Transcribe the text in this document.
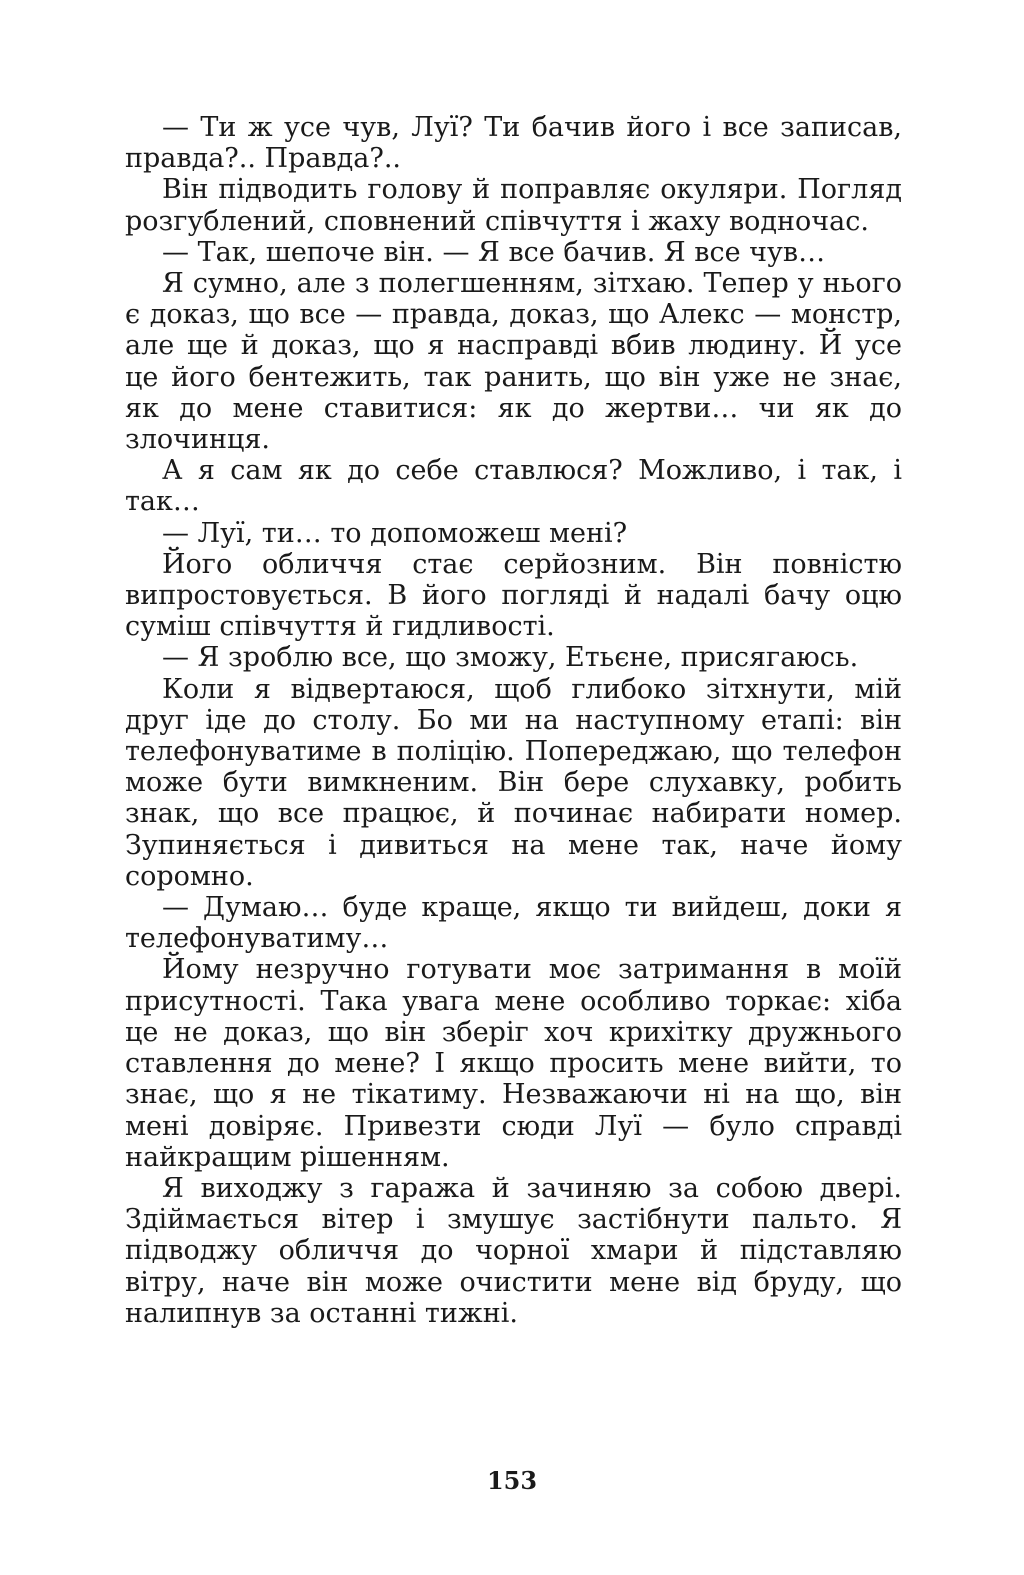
— Ти ж усе чув, Луї? Ти бачив його і все записав, правда?.. Правда?..

Він підводить голову й поправляє окуляри. Погляд розгублений, сповнений співчуття і жаху водночас.

— Так, шепоче він. — Я все бачив. Я все чув…

Я сумно, але з полегшенням, зітхаю. Тепер у нього є доказ, що все — правда, доказ, що Алекс — монстр, але ще й доказ, що я насправді вбив людину. Й усе це його бентежить, так ранить, що він уже не знає, як до мене ставитися: як до жертви… чи як до злочинця.

А я сам як до себе ставлюся? Можливо, і так, і так…

— Луї, ти… то допоможеш мені?

Його обличчя стає серйозним. Він повністю випростовується. В його погляді й надалі бачу оцю суміш співчуття й гидливості.

— Я зроблю все, що зможу, Етьєне, присягаюсь.

Коли я відвертаюся, щоб глибоко зітхнути, мій друг іде до столу. Бо ми на наступному етапі: він телефонуватиме в поліцію. Попереджаю, що телефон може бути вимкненим. Він бере слухавку, робить знак, що все працює, й починає набирати номер. Зупиняється і дивиться на мене так, наче йому соромно.

— Думаю… буде краще, якщо ти вийдеш, доки я телефонуватиму…

Йому незручно готувати моє затримання в моїй присутності. Така увага мене особливо торкає: хіба це не доказ, що він зберіг хоч крихітку дружнього ставлення до мене? І якщо просить мене вийти, то знає, що я не тікатиму. Незважаючи ні на що, він мені довіряє. Привезти сюди Луї — було справді найкращим рішенням.

Я виходжу з гаража й зачиняю за собою двері. Здіймається вітер і змушує застібнути пальто. Я підводжу обличчя до чорної хмари й підставляю вітру, наче він може очистити мене від бруду, що налипнув за останні тижні.

153
